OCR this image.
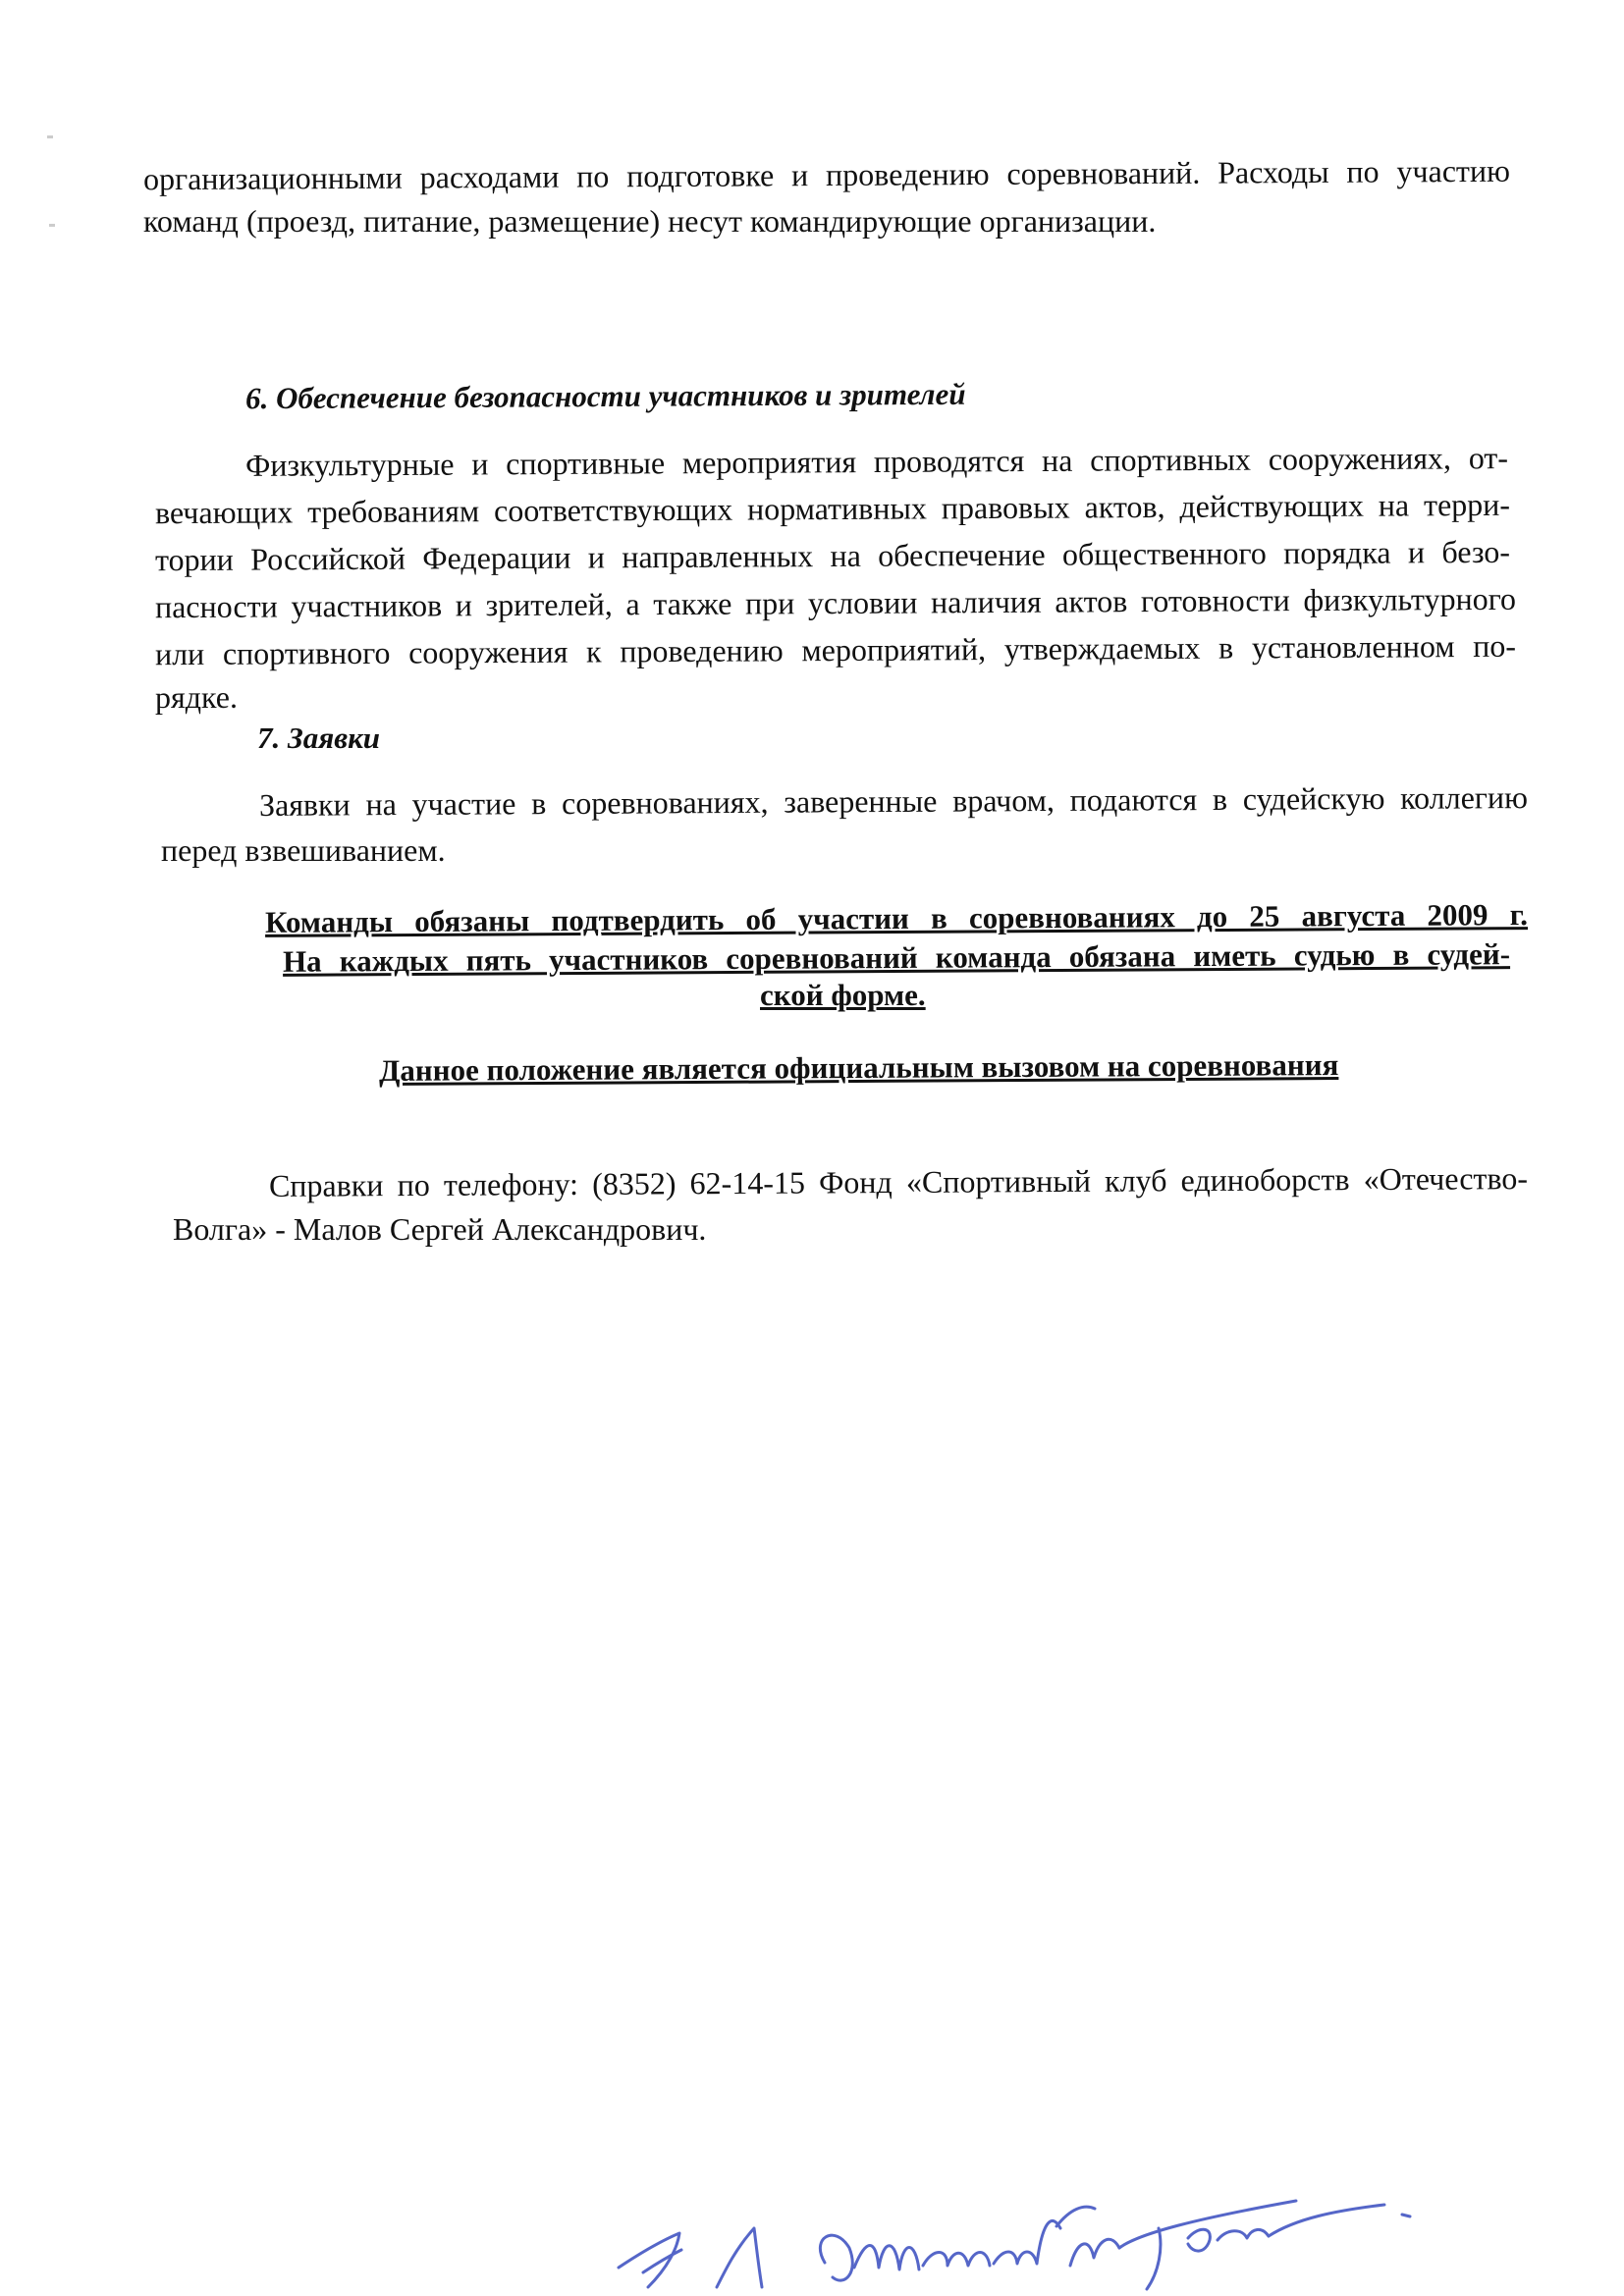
организационными расходами по подготовке и проведению соревнований. Расходы по участию
команд (проезд, питание, размещение) несут командирующие организации.
6. Обеспечение безопасности участников и зрителей
Физкультурные и спортивные мероприятия проводятся на спортивных сооружениях, от-
вечающих требованиям соответствующих нормативных правовых актов, действующих на терри-
тории Российской Федерации и направленных на обеспечение общественного порядка и безо-
пасности участников и зрителей, а также при условии наличия актов готовности физкультурного
или спортивного сооружения к проведению мероприятий, утверждаемых в установленном по-
рядке.
7. Заявки
Заявки на участие в соревнованиях, заверенные врачом, подаются в судейскую коллегию
перед взвешиванием.
Команды обязаны подтвердить об участии в соревнованиях до 25 августа 2009 г.
На каждых пять участников соревнований команда обязана иметь судью в судей-
ской форме.
Данное положение является официальным вызовом на соревнования
Справки по телефону: (8352) 62-14-15 Фонд «Спортивный клуб единоборств «Отечество-
Волга» - Малов Сергей Александрович.
